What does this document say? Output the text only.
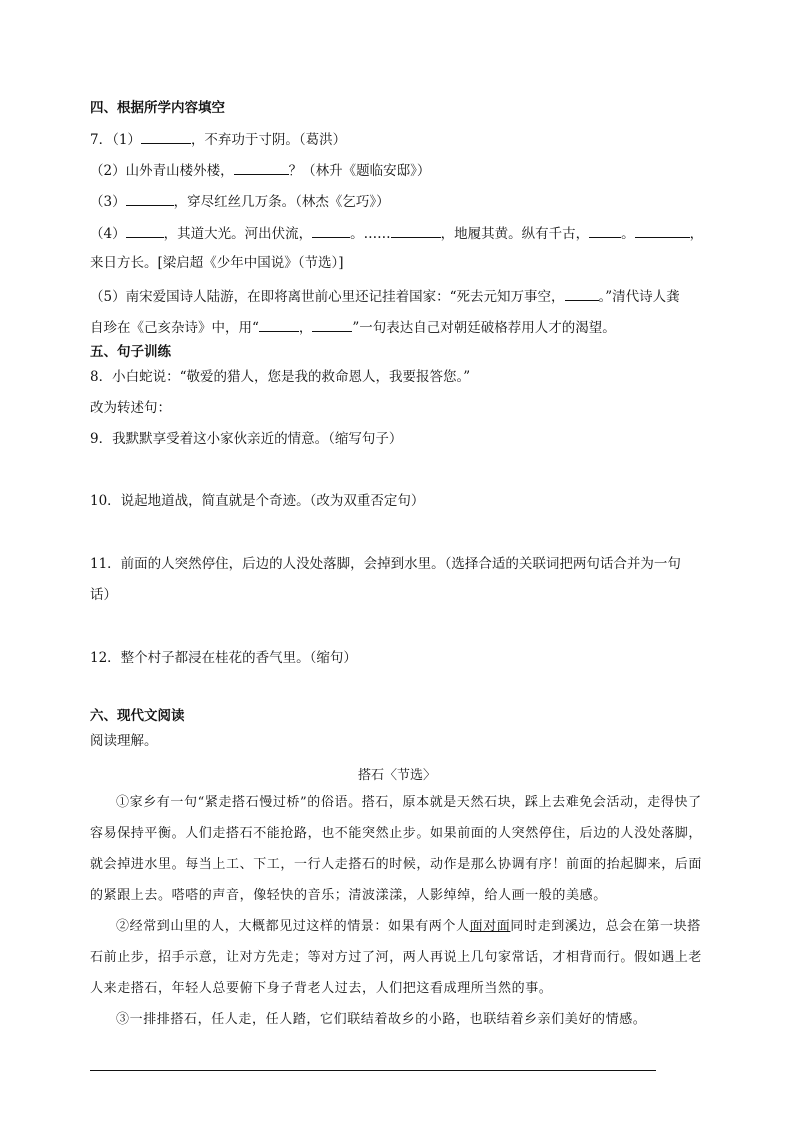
四、根据所学内容填空
7．（1）	，不弃功于寸阴。（葛洪）
（2）山外青山楼外楼，	？（林升《题临安邸》）
（3）	，穿尽红丝几万条。（林杰《乞巧》）
（4）	，其道大光。河出伏流，	。……	，地履其黄。纵有千古， 。	，
来日方长。[梁启超《少年中国说》（节选）]
（5）南宋爱国诗人陆游，在即将离世前心里还记挂着国家：“死去元知万事空，	。”清代诗人龚
自珍在《己亥杂诗》中，用“	，	”一句表达自己对朝廷破格荐用人才的渴望。
五、句子训练
8．小白蛇说：“敬爱的猎人，您是我的救命恩人，我要报答您。”
改为转述句：
9．我默默享受着这小家伙亲近的情意。（缩写句子）
10．说起地道战，简直就是个奇迹。（改为双重否定句）
11．前面的人突然停住，后边的人没处落脚，会掉到水里。（选择合适的关联词把两句话合并为一句
话）
12．整个村子都浸在桂花的香气里。（缩句）
六、现代文阅读
阅读理解。
搭石〈节选〉
①家乡有一句“紧走搭石慢过桥”的俗语。搭石，原本就是天然石块，踩上去难免会活动，走得快了容易保持平衡。人们走搭石不能抢路，也不能突然止步。如果前面的人突然停住，后边的人没处落脚，就会掉进水里。每当上工、下工，一行人走搭石的时候，动作是那么协调有序！前面的抬起脚来，后面的紧跟上去。嗒嗒的声音，像轻快的音乐；清波漾漾，人影绰绰，给人画一般的美感。
②经常到山里的人，大概都见过这样的情景：如果有两个人面对面同时走到溪边，总会在第一块搭石前止步，招手示意，让对方先走；等对方过了河，两人再说上几句家常话，才相背而行。假如遇上老人来走搭石，年轻人总要俯下身子背老人过去，人们把这看成理所当然的事。
③一排排搭石，任人走，任人踏，它们联结着故乡的小路，也联结着乡亲们美好的情感。
